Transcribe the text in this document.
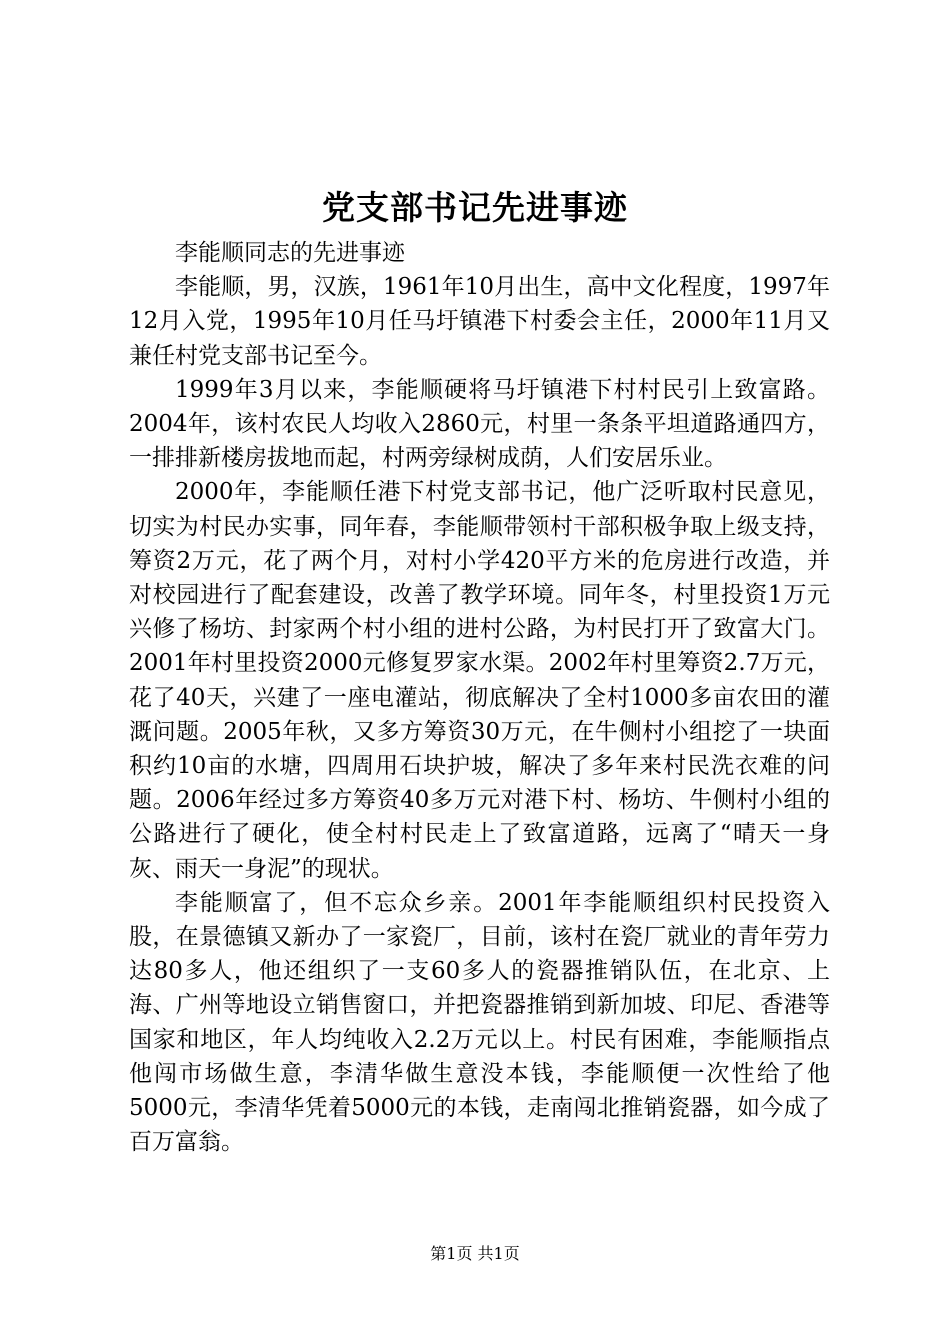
党支部书记先进事迹

李能顺同志的先进事迹

李能顺，男，汉族，1961年10月出生，高中文化程度，1997年12月入党，1995年10月任马圩镇港下村委会主任，2000年11月又兼任村党支部书记至今。

1999年3月以来，李能顺硬将马圩镇港下村村民引上致富路。2004年，该村农民人均收入2860元，村里一条条平坦道路通四方，一排排新楼房拔地而起，村两旁绿树成荫，人们安居乐业。

2000年，李能顺任港下村党支部书记，他广泛听取村民意见，切实为村民办实事，同年春，李能顺带领村干部积极争取上级支持，筹资2万元，花了两个月，对村小学420平方米的危房进行改造，并对校园进行了配套建设，改善了教学环境。同年冬，村里投资1万元兴修了杨坊、封家两个村小组的进村公路，为村民打开了致富大门。2001年村里投资2000元修复罗家水渠。2002年村里筹资2.7万元，花了40天，兴建了一座电灌站，彻底解决了全村1000多亩农田的灌溉问题。2005年秋，又多方筹资30万元，在牛侧村小组挖了一块面积约10亩的水塘，四周用石块护坡，解决了多年来村民洗衣难的问题。2006年经过多方筹资40多万元对港下村、杨坊、牛侧村小组的公路进行了硬化，使全村村民走上了致富道路，远离了“晴天一身灰、雨天一身泥”的现状。

李能顺富了，但不忘众乡亲。2001年李能顺组织村民投资入股，在景德镇又新办了一家瓷厂，目前，该村在瓷厂就业的青年劳力达80多人，他还组织了一支60多人的瓷器推销队伍，在北京、上海、广州等地设立销售窗口，并把瓷器推销到新加坡、印尼、香港等国家和地区，年人均纯收入2.2万元以上。村民有困难，李能顺指点他闯市场做生意，李清华做生意没本钱，李能顺便一次性给了他5000元，李清华凭着5000元的本钱，走南闯北推销瓷器，如今成了百万富翁。

第1页 共1页
